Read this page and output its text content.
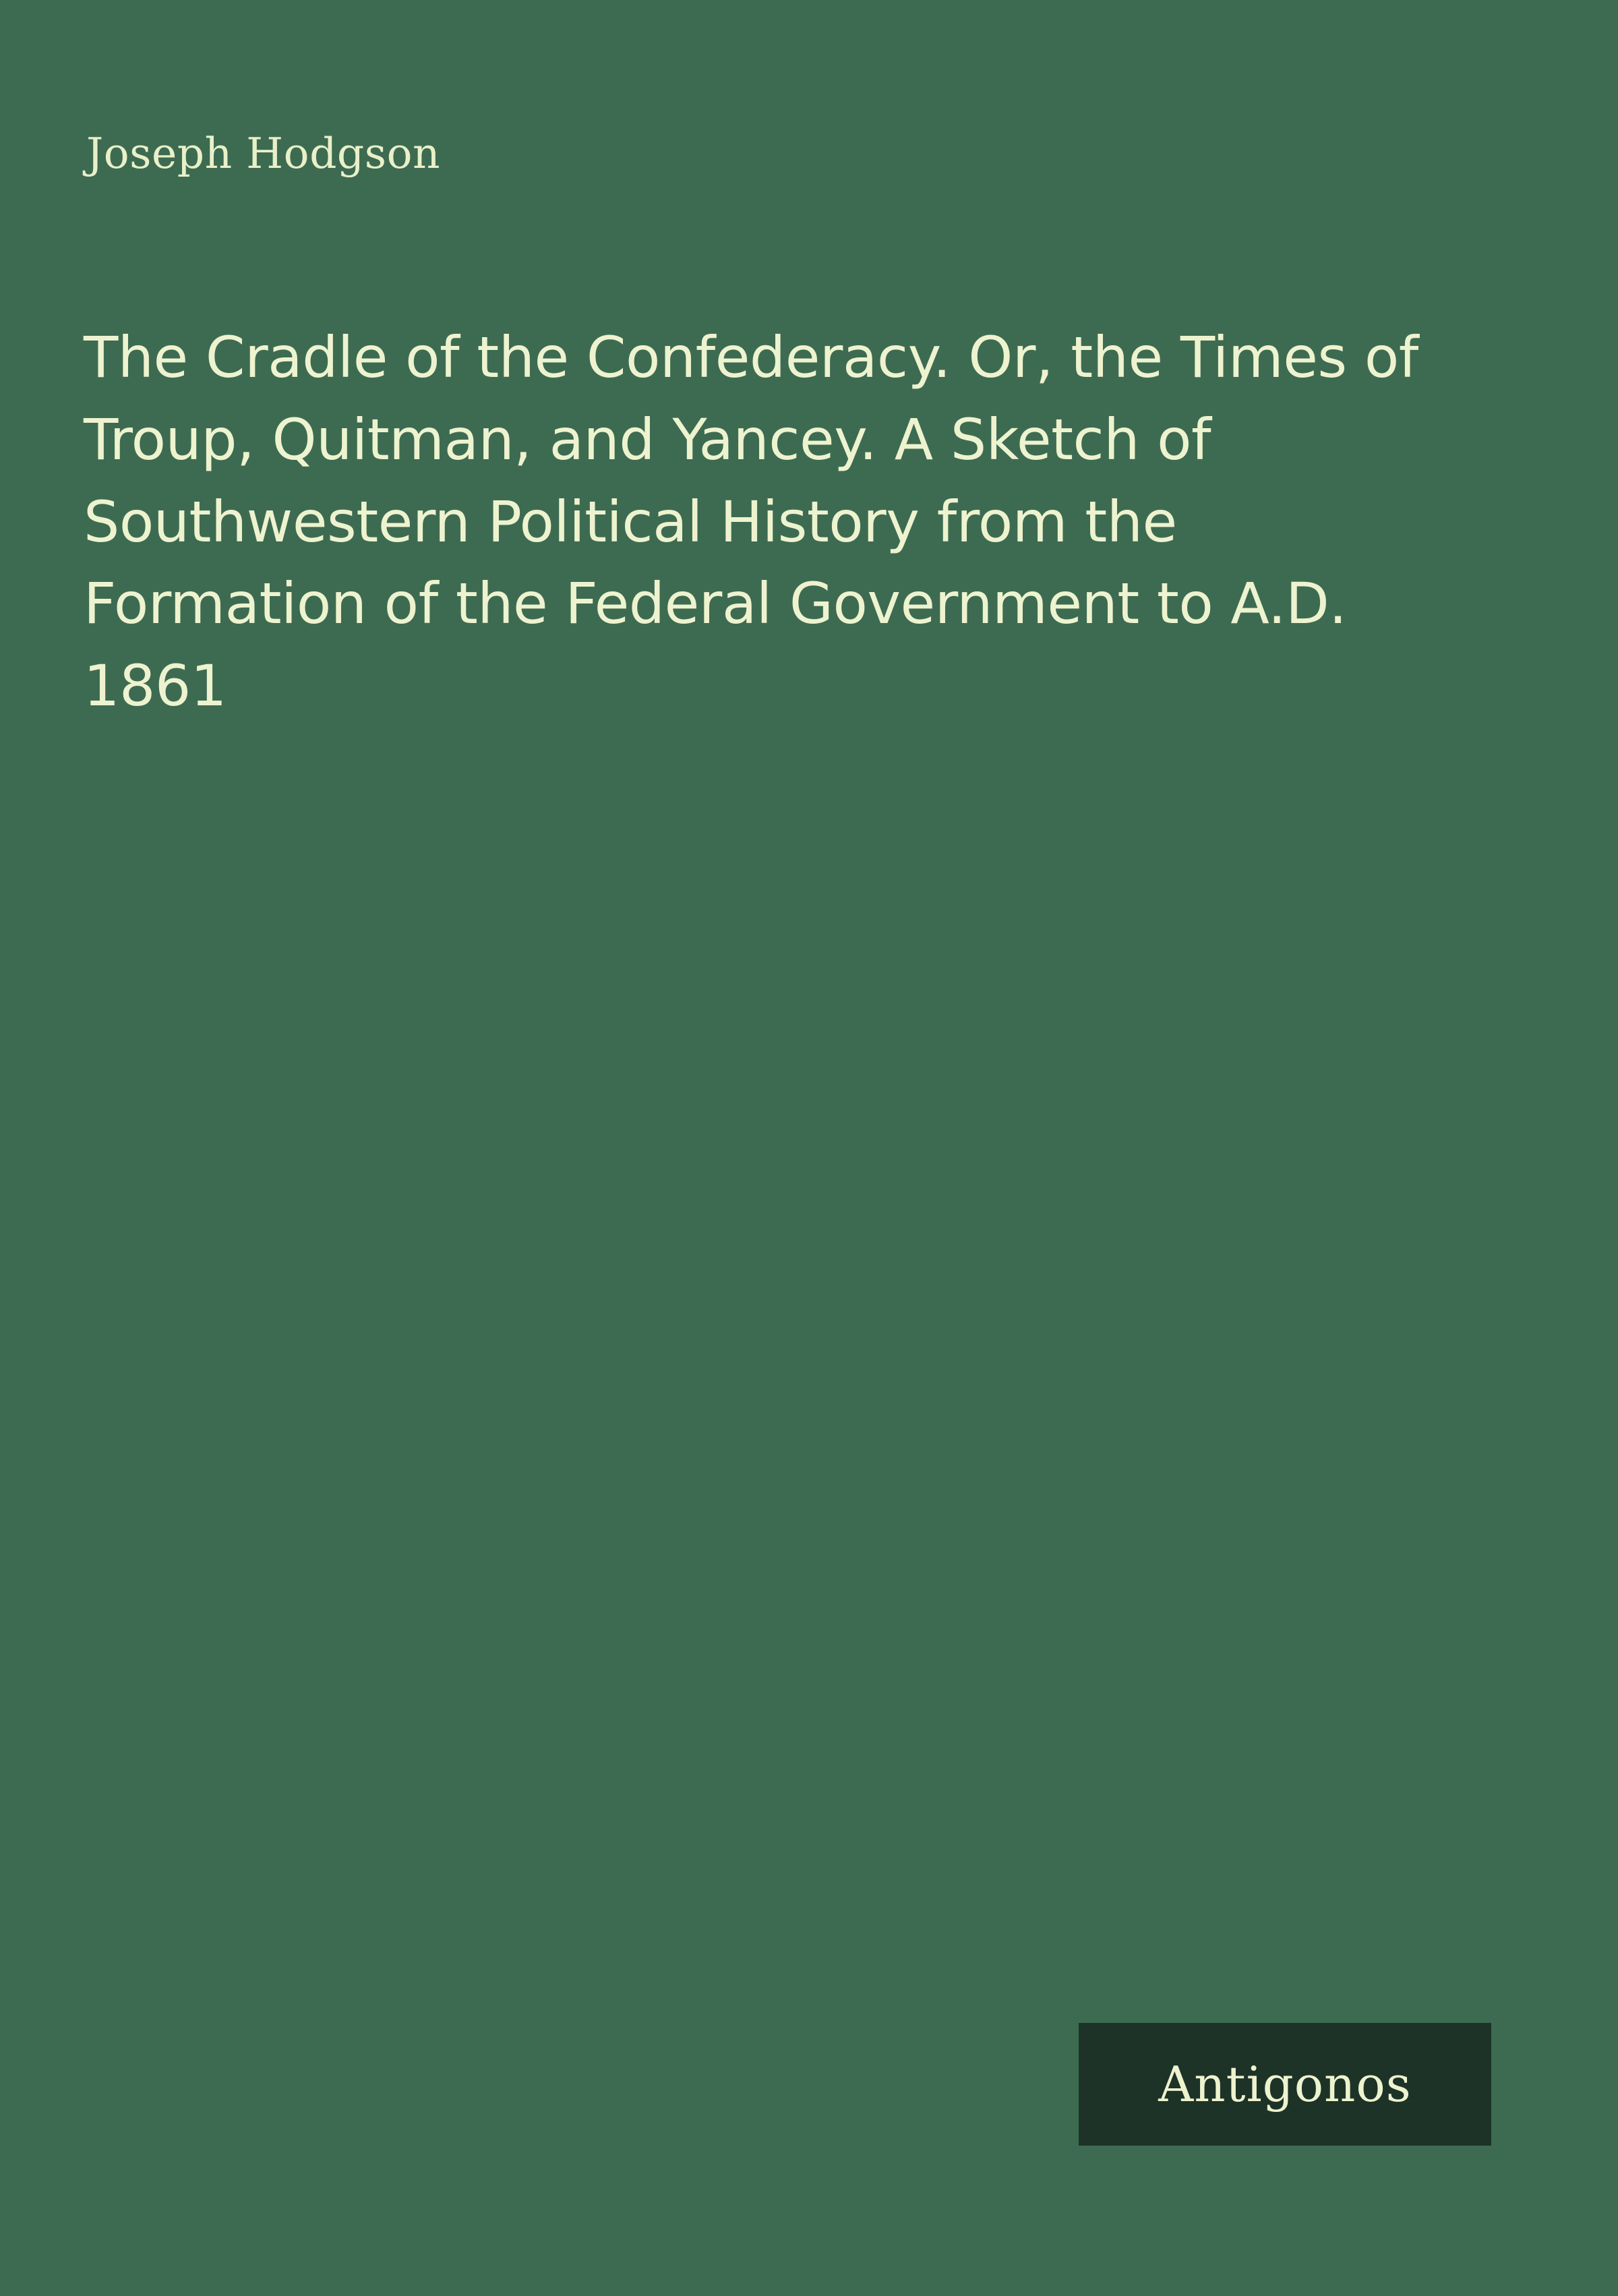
Joseph Hodgson
The Cradle of the Confederacy. Or, the Times of Troup, Quitman, and Yancey. A Sketch of Southwestern Political History from the Formation of the Federal Government to A.D. 1861
Antigonos
